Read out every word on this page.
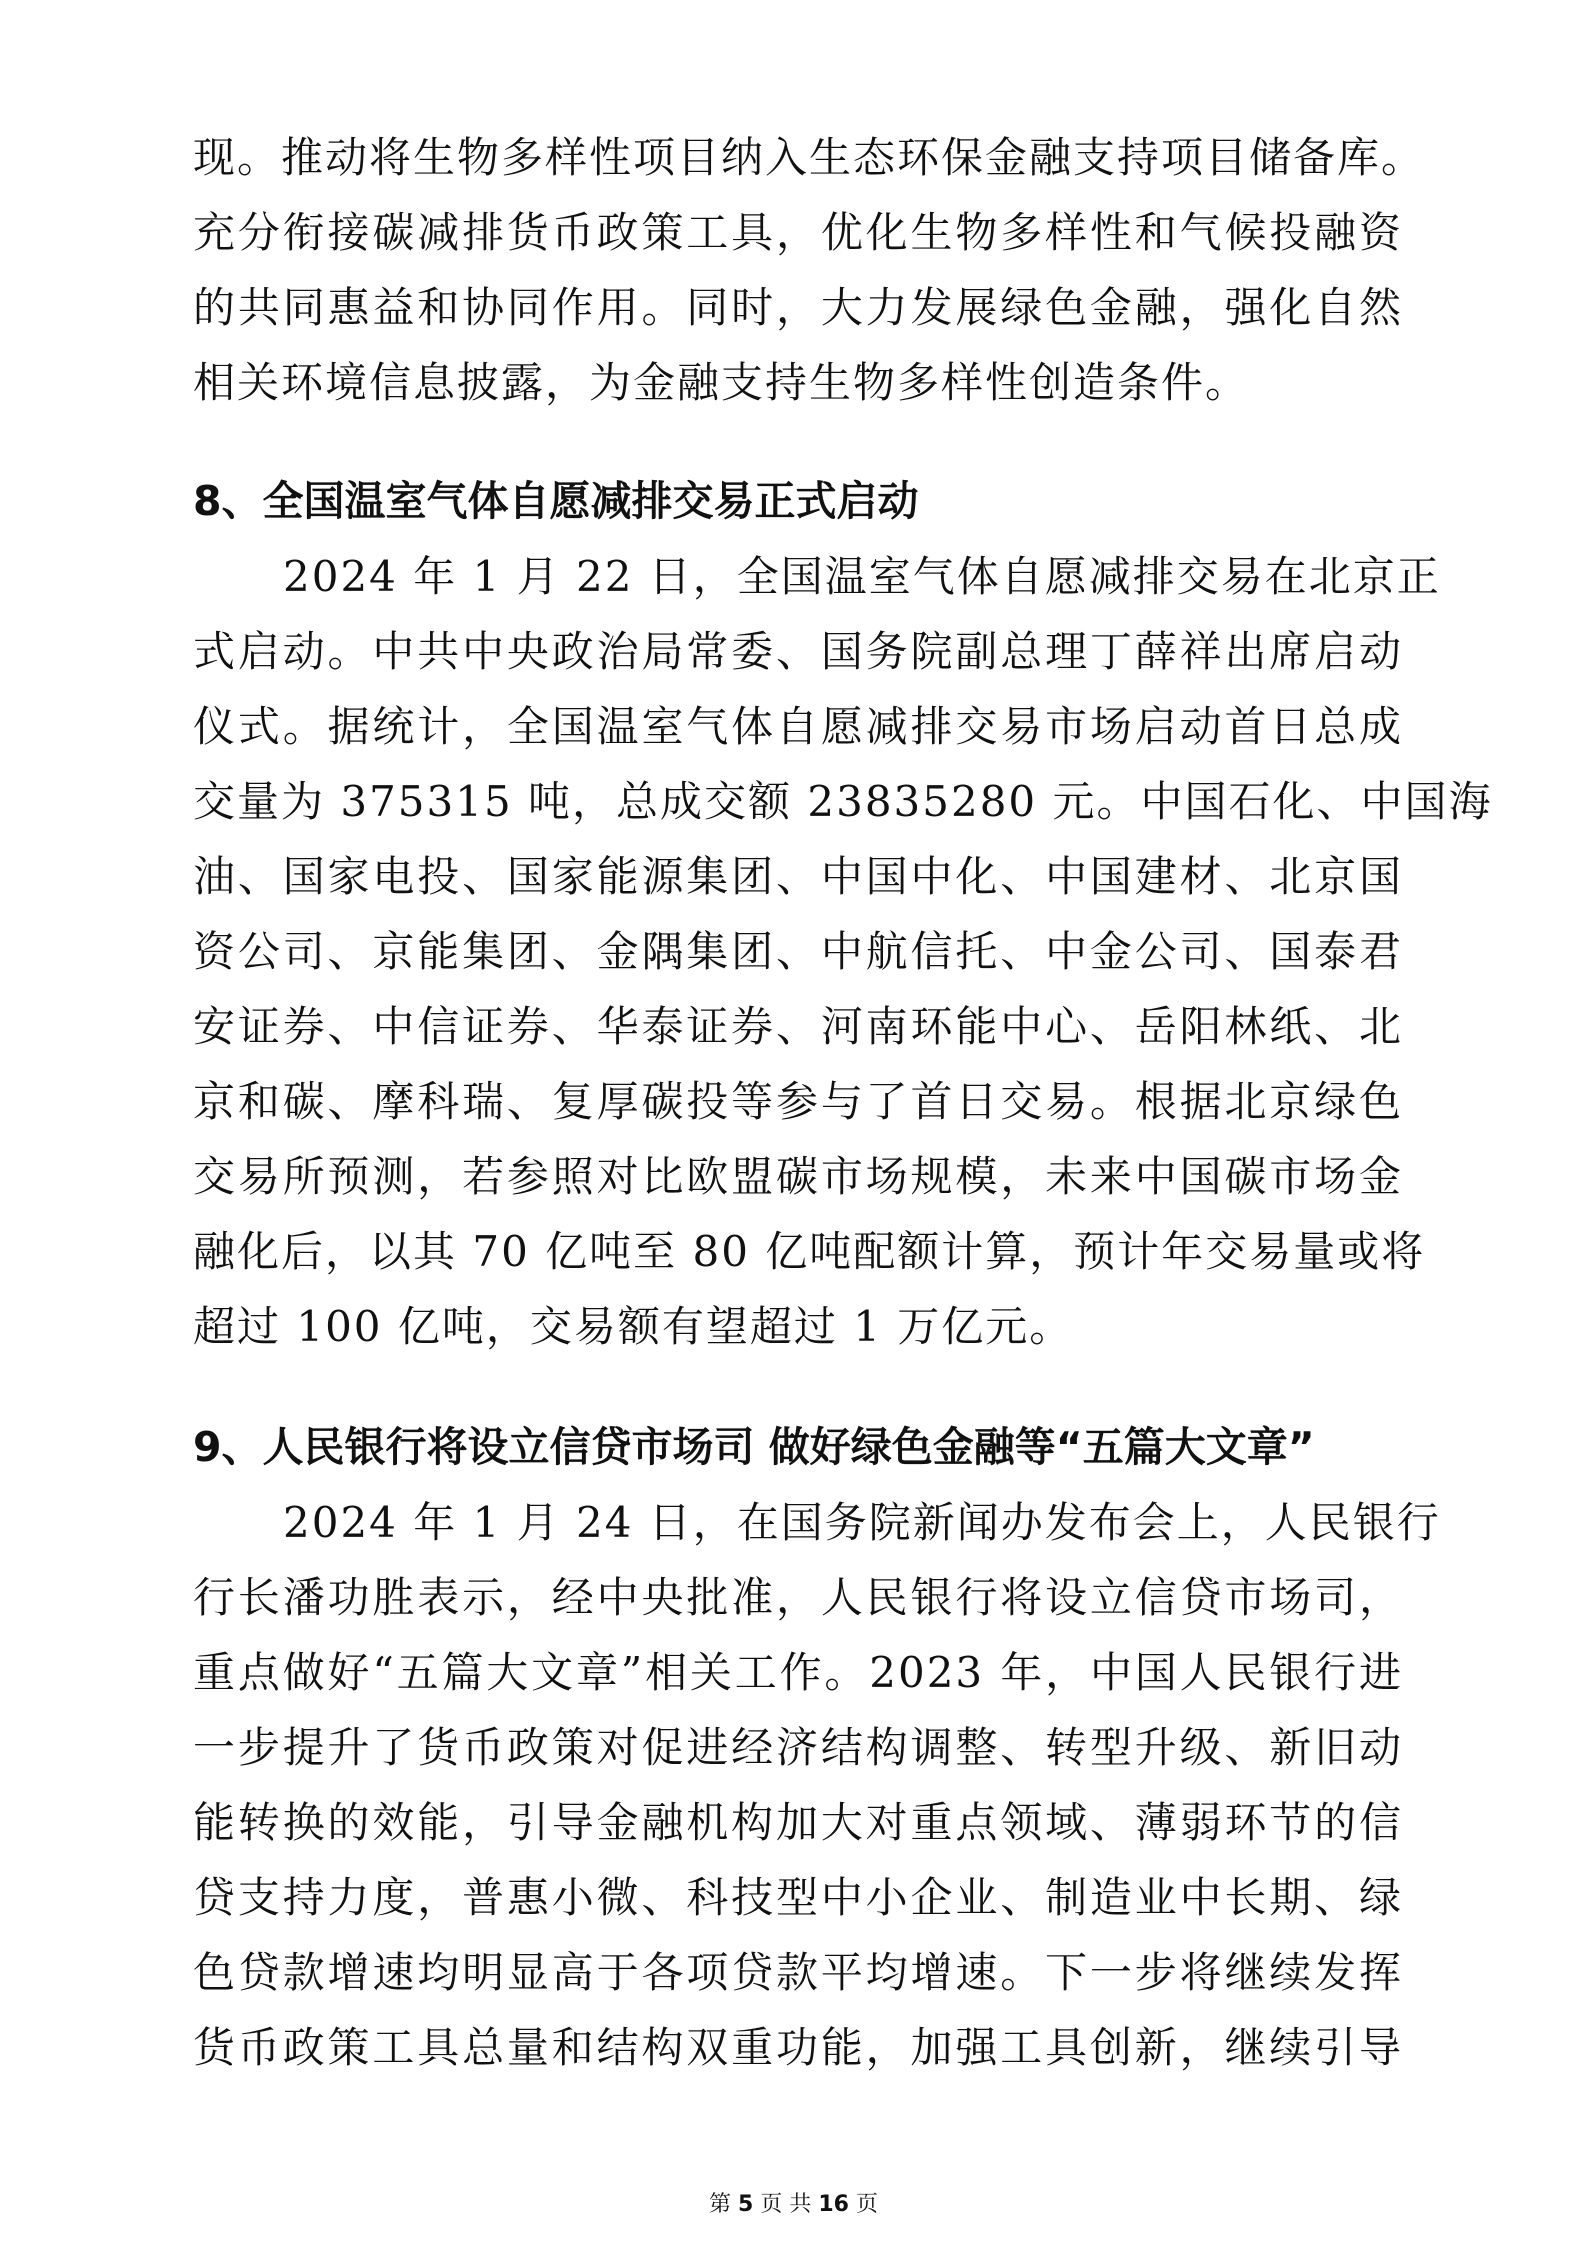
现。推动将生物多样性项目纳入生态环保金融支持项目储备库。
充分衔接碳减排货币政策工具，优化生物多样性和气候投融资
的共同惠益和协同作用。同时，大力发展绿色金融，强化自然
相关环境信息披露，为金融支持生物多样性创造条件。
8、全国温室气体自愿减排交易正式启动
2024 年 1 月 22 日，全国温室气体自愿减排交易在北京正
式启动。中共中央政治局常委、国务院副总理丁薛祥出席启动
仪式。据统计，全国温室气体自愿减排交易市场启动首日总成
交量为 375315 吨，总成交额 23835280 元。中国石化、中国海
油、国家电投、国家能源集团、中国中化、中国建材、北京国
资公司、京能集团、金隅集团、中航信托、中金公司、国泰君
安证券、中信证券、华泰证券、河南环能中心、岳阳林纸、北
京和碳、摩科瑞、复厚碳投等参与了首日交易。根据北京绿色
交易所预测，若参照对比欧盟碳市场规模，未来中国碳市场金
融化后，以其 70 亿吨至 80 亿吨配额计算，预计年交易量或将
超过 100 亿吨，交易额有望超过 1 万亿元。
9、人民银行将设立信贷市场司 做好绿色金融等“五篇大文章”
2024 年 1 月 24 日，在国务院新闻办发布会上，人民银行
行长潘功胜表示，经中央批准，人民银行将设立信贷市场司，
重点做好“五篇大文章”相关工作。2023 年，中国人民银行进
一步提升了货币政策对促进经济结构调整、转型升级、新旧动
能转换的效能，引导金融机构加大对重点领域、薄弱环节的信
贷支持力度，普惠小微、科技型中小企业、制造业中长期、绿
色贷款增速均明显高于各项贷款平均增速。下一步将继续发挥
货币政策工具总量和结构双重功能，加强工具创新，继续引导
第 5 页 共 16 页
